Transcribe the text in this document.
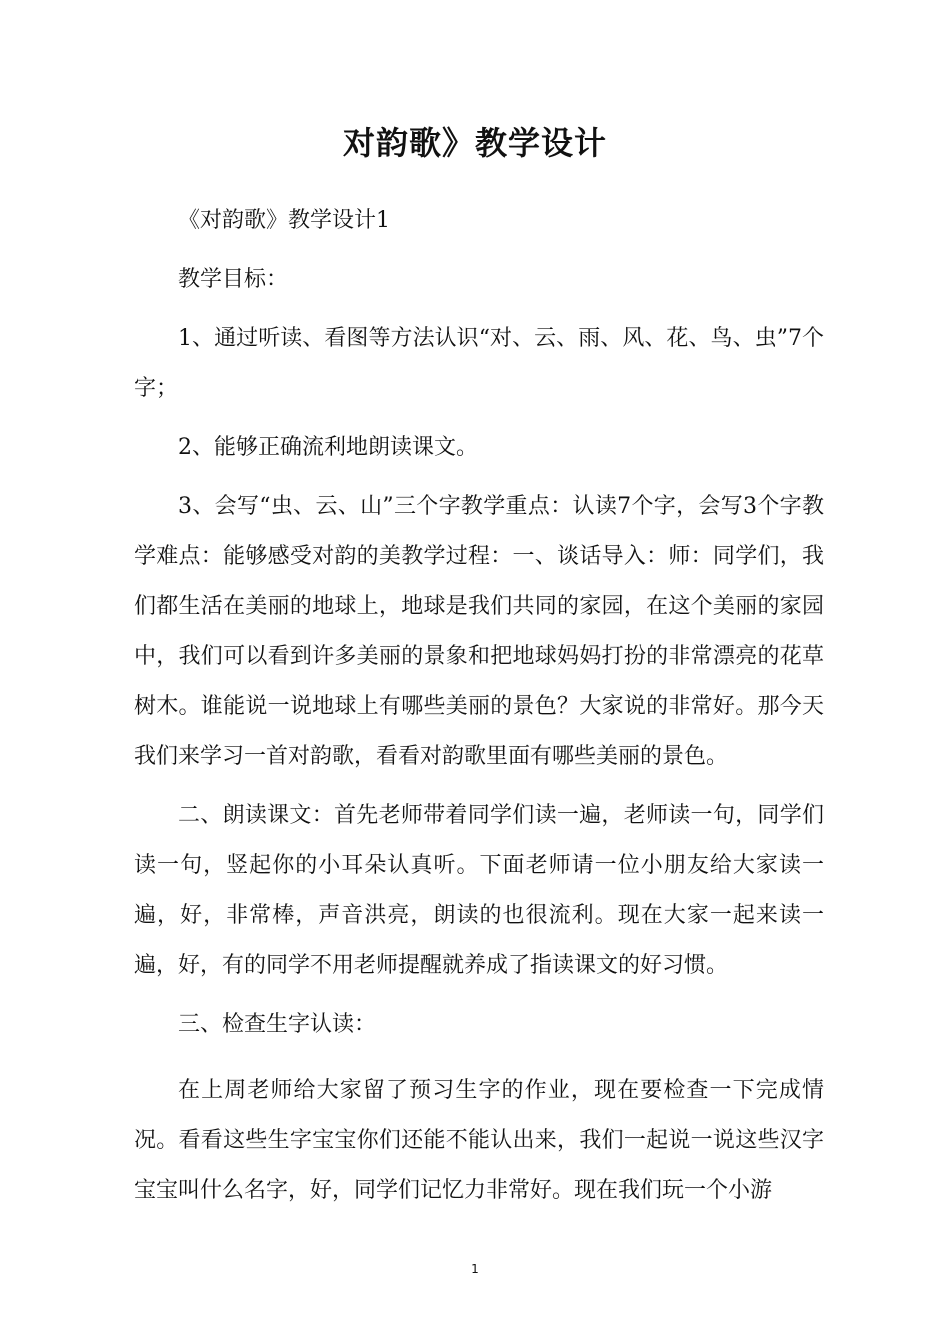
对韵歌》教学设计

《对韵歌》教学设计1

教学目标：

1、通过听读、看图等方法认识“对、云、雨、风、花、鸟、虫”7个字；

2、能够正确流利地朗读课文。

3、会写“虫、云、山”三个字教学重点：认读7个字，会写3个字教学难点：能够感受对韵的美教学过程：一、谈话导入：师：同学们，我们都生活在美丽的地球上，地球是我们共同的家园，在这个美丽的家园中，我们可以看到许多美丽的景象和把地球妈妈打扮的非常漂亮的花草树木。谁能说一说地球上有哪些美丽的景色？大家说的非常好。那今天我们来学习一首对韵歌，看看对韵歌里面有哪些美丽的景色。

二、朗读课文：首先老师带着同学们读一遍，老师读一句，同学们读一句，竖起你的小耳朵认真听。下面老师请一位小朋友给大家读一遍，好，非常棒，声音洪亮，朗读的也很流利。现在大家一起来读一遍，好，有的同学不用老师提醒就养成了指读课文的好习惯。

三、检查生字认读：

在上周老师给大家留了预习生字的作业，现在要检查一下完成情况。看看这些生字宝宝你们还能不能认出来，我们一起说一说这些汉字宝宝叫什么名字，好，同学们记忆力非常好。现在我们玩一个小游

1
